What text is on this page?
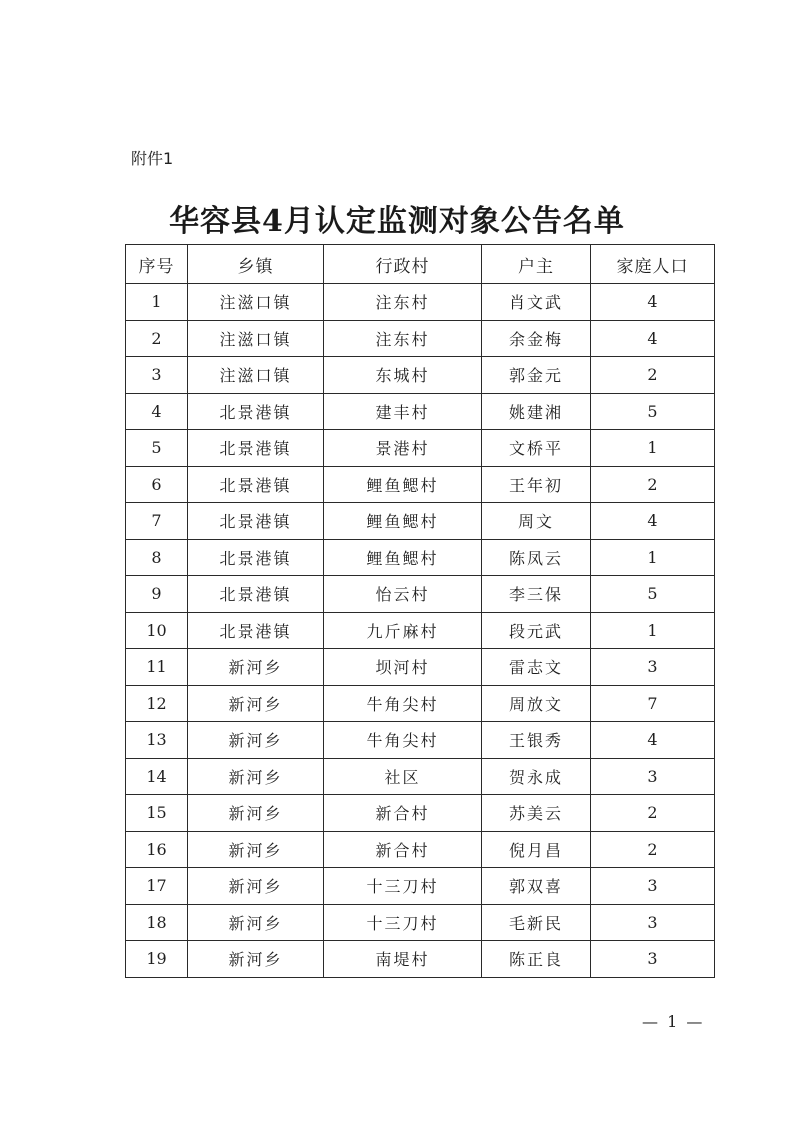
附件1
华容县4月认定监测对象公告名单
序号	乡镇	行政村	户主	家庭人口
1	注滋口镇	注东村	肖文武	4
2	注滋口镇	注东村	余金梅	4
3	注滋口镇	东城村	郭金元	2
4	北景港镇	建丰村	姚建湘	5
5	北景港镇	景港村	文桥平	1
6	北景港镇	鲤鱼鳃村	王年初	2
7	北景港镇	鲤鱼鳃村	周文	4
8	北景港镇	鲤鱼鳃村	陈凤云	1
9	北景港镇	怡云村	李三保	5
10	北景港镇	九斤麻村	段元武	1
11	新河乡	坝河村	雷志文	3
12	新河乡	牛角尖村	周放文	7
13	新河乡	牛角尖村	王银秀	4
14	新河乡	社区	贺永成	3
15	新河乡	新合村	苏美云	2
16	新河乡	新合村	倪月昌	2
17	新河乡	十三刀村	郭双喜	3
18	新河乡	十三刀村	毛新民	3
19	新河乡	南堤村	陈正良	3
— 1 —
